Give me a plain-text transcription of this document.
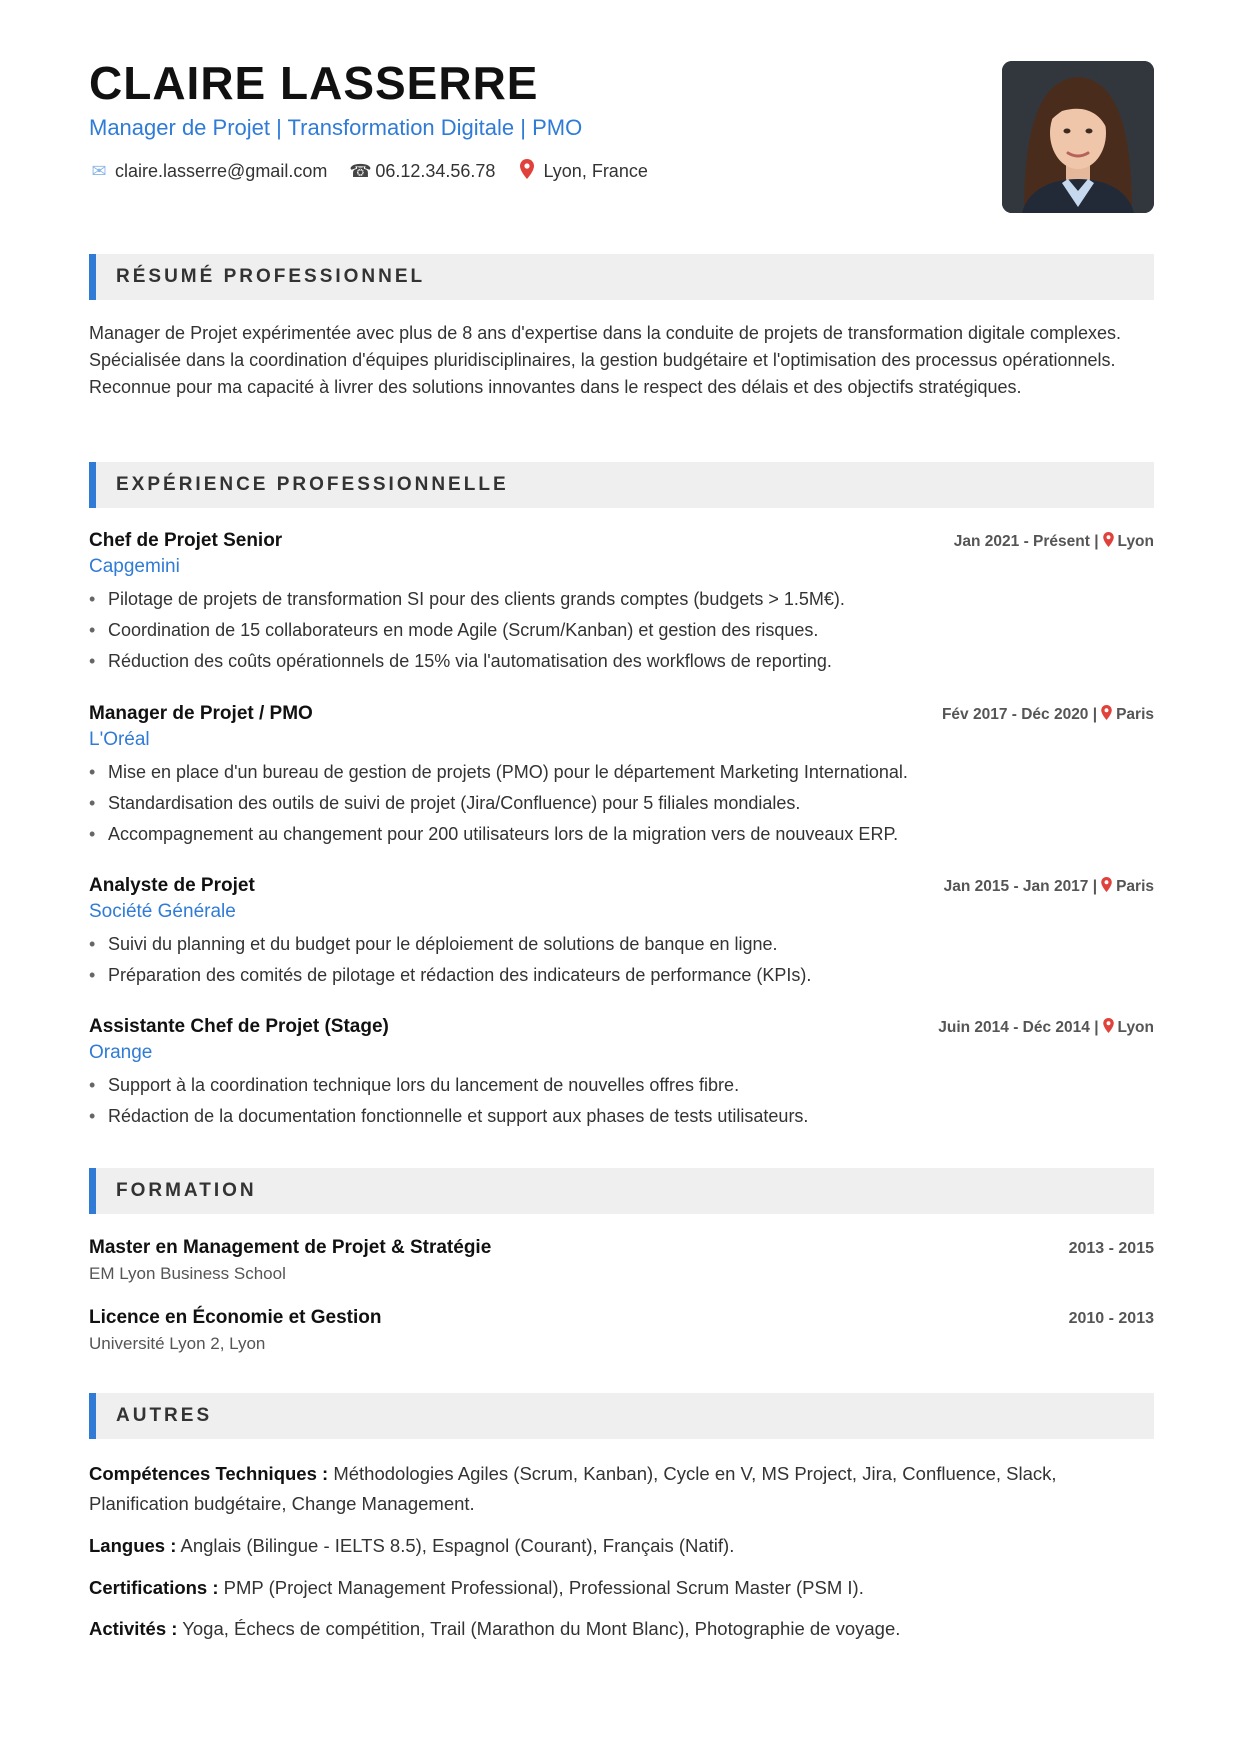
CLAIRE LASSERRE
Manager de Projet | Transformation Digitale | PMO
✉ claire.lasserre@gmail.com ☎ 06.12.34.56.78	Lyon, France
RÉSUMÉ PROFESSIONNEL

Manager de Projet expérimentée avec plus de 8 ans d'expertise dans la conduite de projets de transformation digitale complexes. Spécialisée dans la coordination d'équipes pluridisciplinaires, la gestion budgétaire et l'optimisation des processus opérationnels. Reconnue pour ma capacité à livrer des solutions innovantes dans le respect des délais et des objectifs stratégiques.

EXPÉRIENCE PROFESSIONNELLE
Chef de Projet Senior	Jan 2021 - Présent | Lyon
Capgemini
• Pilotage de projets de transformation SI pour des clients grands comptes (budgets > 1.5M€).
• Coordination de 15 collaborateurs en mode Agile (Scrum/Kanban) et gestion des risques.
• Réduction des coûts opérationnels de 15% via l'automatisation des workflows de reporting.
Manager de Projet / PMO	Fév 2017 - Déc 2020 | Paris
L'Oréal
• Mise en place d'un bureau de gestion de projets (PMO) pour le département Marketing International.
• Standardisation des outils de suivi de projet (Jira/Confluence) pour 5 filiales mondiales.
• Accompagnement au changement pour 200 utilisateurs lors de la migration vers de nouveaux ERP.
Analyste de Projet	Jan 2015 - Jan 2017 | Paris
Société Générale
• Suivi du planning et du budget pour le déploiement de solutions de banque en ligne.
• Préparation des comités de pilotage et rédaction des indicateurs de performance (KPIs).
Assistante Chef de Projet (Stage)	Juin 2014 - Déc 2014 | Lyon
Orange
• Support à la coordination technique lors du lancement de nouvelles offres fibre.
• Rédaction de la documentation fonctionnelle et support aux phases de tests utilisateurs.
FORMATION
Master en Management de Projet & Stratégie	2013 - 2015
EM Lyon Business School
Licence en Économie et Gestion	2010 - 2013
Université Lyon 2, Lyon
AUTRES

Compétences Techniques : Méthodologies Agiles (Scrum, Kanban), Cycle en V, MS Project, Jira, Confluence, Slack, Planification budgétaire, Change Management.

Langues : Anglais (Bilingue - IELTS 8.5), Espagnol (Courant), Français (Natif).

Certifications : PMP (Project Management Professional), Professional Scrum Master (PSM I).

Activités : Yoga, Échecs de compétition, Trail (Marathon du Mont Blanc), Photographie de voyage.
